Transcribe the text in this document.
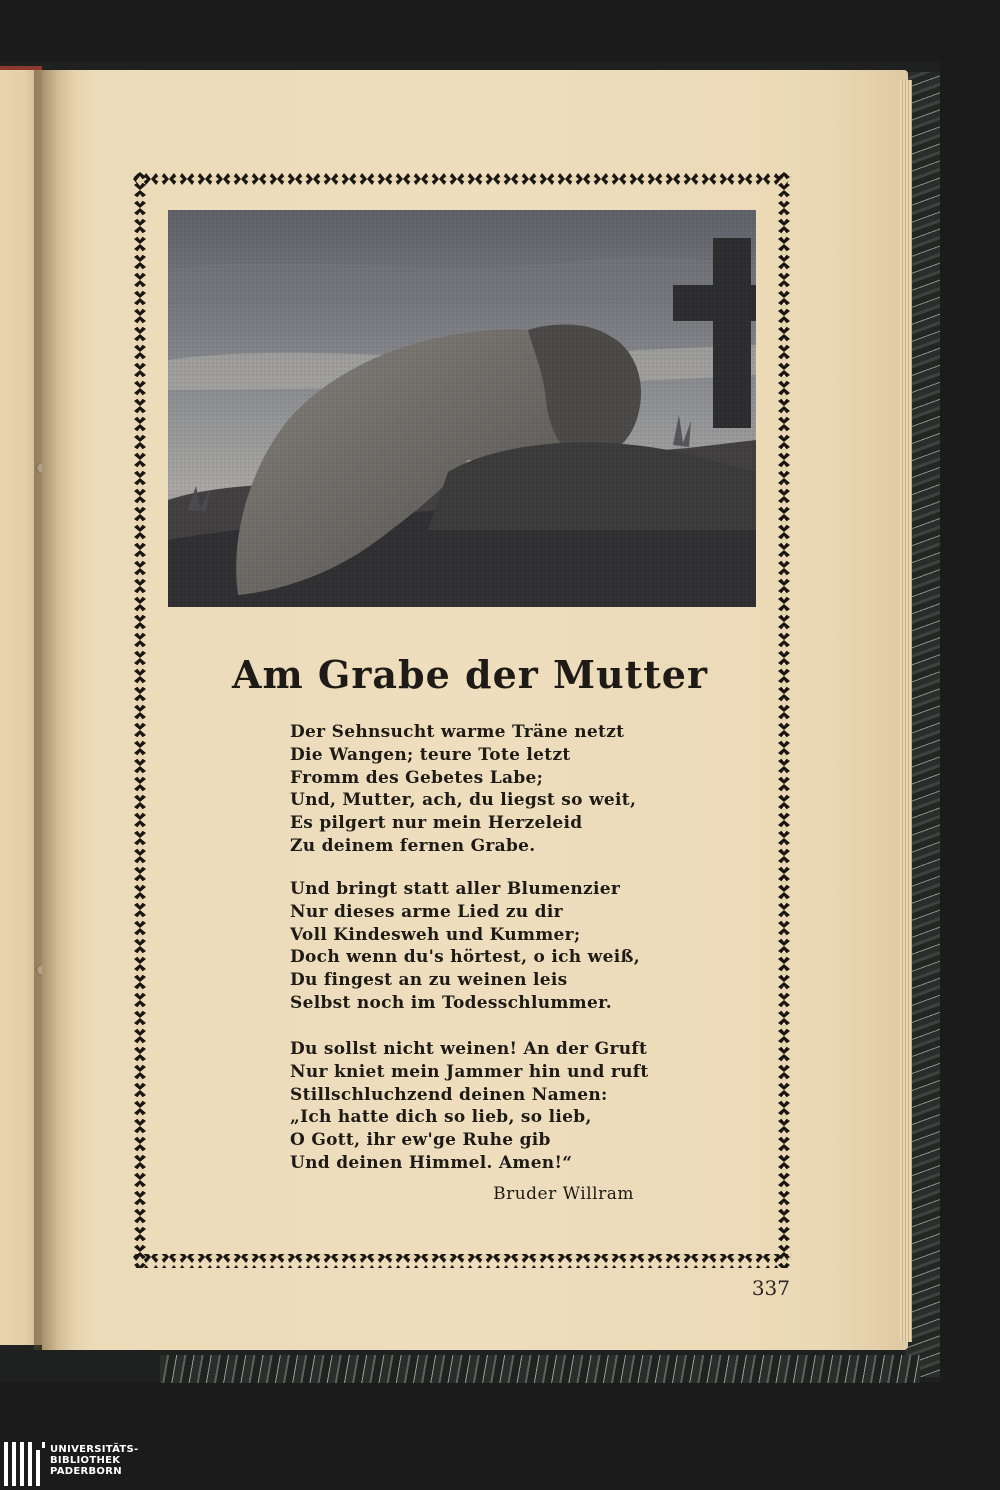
Am Grabe der Mutter
Der Sehnsucht warme Träne netzt
Die Wangen; teure Tote letzt
Fromm des Gebetes Labe;
Und, Mutter, ach, du liegst so weit,
Es pilgert nur mein Herzeleid
Zu deinem fernen Grabe.
Und bringt statt aller Blumenzier
Nur dieses arme Lied zu dir
Voll Kindesweh und Kummer;
Doch wenn du's hörtest, o ich weiß,
Du fingest an zu weinen leis
Selbst noch im Todesschlummer.
Du sollst nicht weinen! An der Gruft
Nur kniet mein Jammer hin und ruft
Stillschluchzend deinen Namen:
„Ich hatte dich so lieb, so lieb,
O Gott, ihr ew'ge Ruhe gib
Und deinen Himmel. Amen!“
Bruder Willram
337
UNIVERSITÄTS-
BIBLIOTHEK
PADERBORN
